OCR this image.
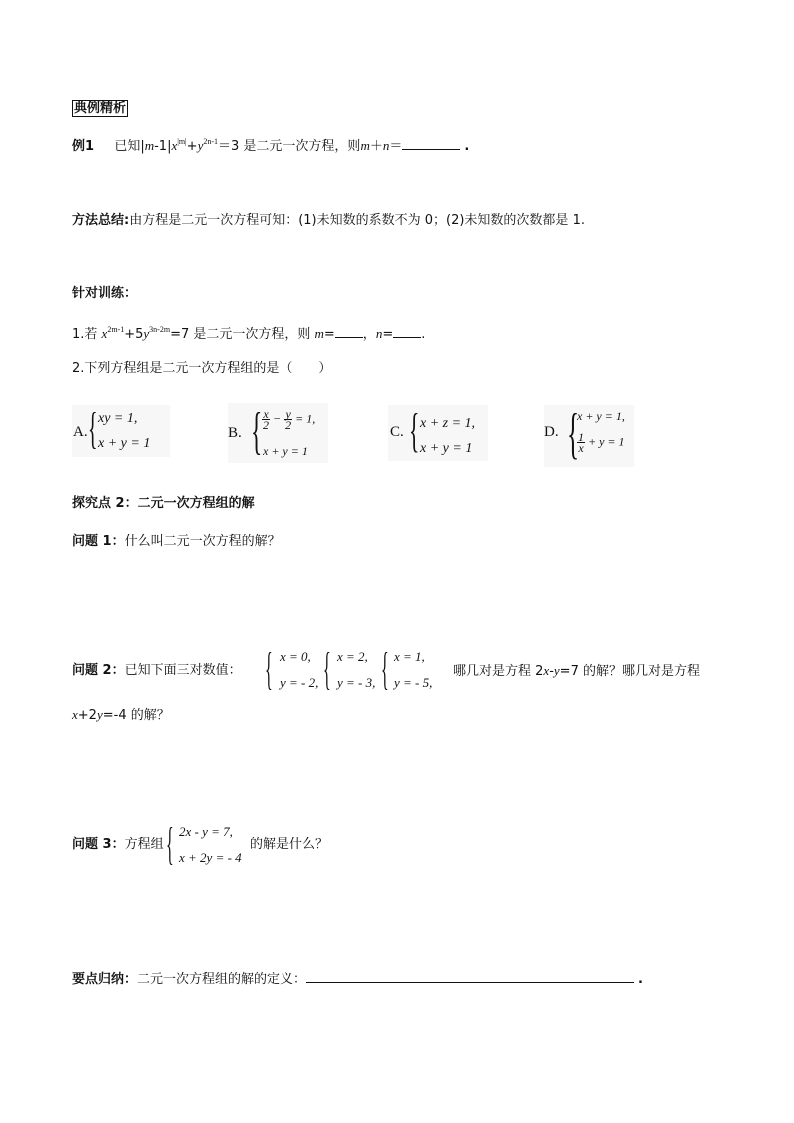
典例精析
例1 已知$|m-1|x^{|m|}+y^{2n-1}=3$ 是二元一次方程，则m＋n＝	.
方法总结:由方程是二元一次方程可知：(1)未知数的系数不为 0；(2)未知数的次数都是 1.
针对训练：
1.若 $x^{2m-1}+5y^{3n-2m}=7$ 是二元一次方程，则 m= ，n= .
2.下列方程组是二元一次方程组的是（　　）
A. { xy = 1,
x + y = 1
B. { $\frac{x}{2} - \frac{y}{2} = 1$,
x + y = 1
C. { x + z = 1,
x + y = 1
D. {
x + y = 1,
$\frac{1}{x} + y = 1$
探究点 2：二元一次方程组的解
问题 1：什么叫二元一次方程的解？
问题 2：已知下面三对数值： { x = 0,
y = - 2, { x = 2,
y = - 3, { x = 1,
y = - 5,
哪几对是方程 2x-y=7 的解？哪几对是方程
x+2y=-4 的解？
问题 3：方程组 { 2x - y = 7,
x + 2y = - 4
的解是什么？
要点归纳：二元一次方程组的解的定义：	.
